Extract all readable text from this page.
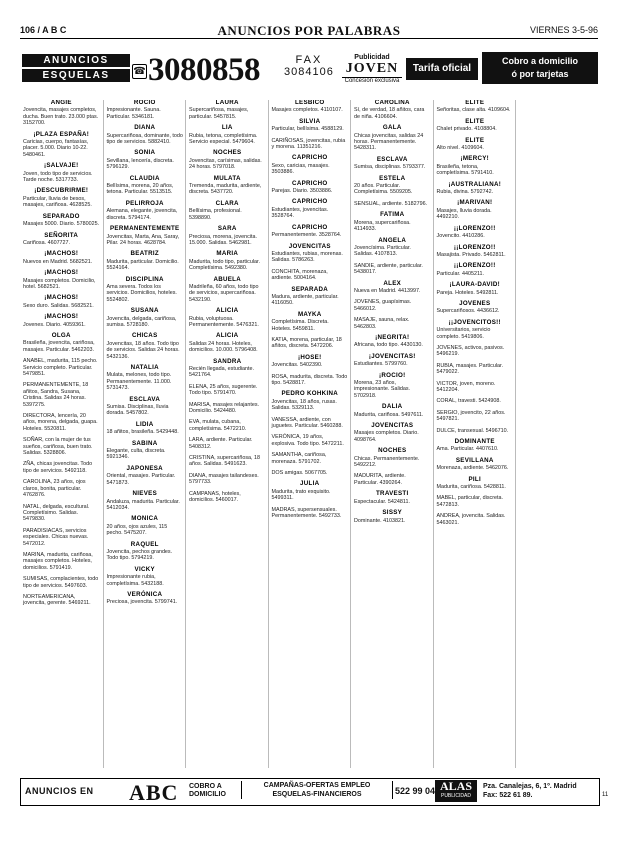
106 / A B C	ANUNCIOS POR PALABRAS	VIERNES 3-5-96
ANUNCIOS
ESQUELAS	☎ 3080858	FAX
3084106
Publicidad
JOVEN
Concesión exclusiva
Tarifa oficial
Cobro a domicilio
ó por tarjetas
ANGIE
Jovencita, masajes completos, ducha. Buen trato. 23.000 ptas. 3152700.
¡PLAZA ESPAÑA!
Caricias, cuerpo, fantasías, placer. 5.000. Diario 10-22. 5480461.
¡SALVAJE!
Joven, todo tipo de servicios. Tarde noche. 5317733.
¡DESCUBRIRME!
Particular, lluvia de besos, masajes, cariñosa. 4628525.
SEPARADO
Masajes 5000. Diario. 5780025.
SEÑORITA
Cariñosa. 4607727.
¡MACHOS!
Nuevos en Madrid. 5682521.
¡MACHOS!
Masajes completos. Domicilio, hotel. 5682521.
¡MACHOS!
Sexo duro. Salidas. 5682521.
¡MACHOS!
Jovenes. Diario. 4059361.
OLGA
Brasileña, jovencita, cariñosa, masajes. Particular. 5462203.
ANABEL, madurita, 115 pecho. Servicio completo. Particular. 5479851.
PERMANENTEMENTE, 18 añitos, Sandra, Susana, Cristina. Salidas 24 horas. 5397275.
DIRECTORA, lencería, 20 años, morena, delgada, guapa. Hoteles. 5520811.
SOÑAR, con la mujer de tus sueños, cariñosa, buen trato. Salidas. 5328806.
ZÑA, chicas jovencitas. Todo tipo de servicios. 5492118.
CAROLINA, 23 años, ojos claros, bonita, particular. 4762876.
NATAL, delgada, escultural. Completísimo. Salidas. 5479830.
PARADISIACAS, servicios especiales. Chicas nuevas. 5472012.
MARINA, madurita, cariñosa, masajes completos. Hoteles, domicilios. 5791419.
SUMISAS, complacientes, todo tipo de servicios. 5497603.
NORTEAMERICANA, jovencita, gerente. 5469211.
ROCIO
Impresionante. Sauna. Particular. 5346181.
DIANA
Supercariñosa, dominante, todo tipo de servicios. 5882410.
SONIA
Sevillana, lencería, discreta. 5796129.
CLAUDIA
Bellísima, morena, 20 años, tetona. Particular. 5513515.
PELIRROJA
Alemana, elegante, jovencita, discreta. 5794174.
PERMANENTEMENTE
Jovencitas, Marta, Ana, Saray, Pilar. 24 horas. 4628784.
BEATRIZ
Madurita, particular. Domicilio. 5524164.
DISCIPLINA
Ama severa. Todos los servicios. Domicilios, hoteles. 5524802.
SUSANA
Jovencita, delgada, cariñosa, sumisa. 5728180.
CHICAS
Jovencitas, 18 años. Todo tipo de servicios. Salidas 24 horas. 5432136.
NATALIA
Mulata, melones, todo tipo. Permanentemente. 11.000. 5731473.
ESCLAVA
Sumisa. Disciplinas, lluvia dorada. 5457802.
LIDIA
18 añitos, brasileña. 5429448.
SABINA
Elegante, culta, discreta. 5921346.
JAPONESA
Oriental, masajes. Particular. 5471873.
NIEVES
Andaluza, madurita. Particular. 5412034.
MONICA
20 años, ojos azules, 115 pecho. 5475207.
RAQUEL
Jovencita, pechos grandes. Todo tipo. 5794219.
VICKY
Impresionante rubia, completísima. 5432188.
VERÓNICA
Preciosa, jovencita. 5799741.
LAURA
Supercariñosa, masajes, particular. 5457815.
LIA
Rubia, tetona, completísima. Servicio especial. 5479604.
NOCHES
Jovencitas, carísimas, salidas. 24 horas. 5797018.
MULATA
Tremenda, madurita, ardiente, discreta. 5437720.
CLARA
Bellísima, profesional. 5398890.
SARA
Preciosa, morena, jovencita. 15.000. Salidas. 5462981.
MARIA
Madurita, todo tipo, particular. Completísima. 5492380.
ABUELA
Madrileña, 60 años, todo tipo de servicios, supercariñosa. 5432190.
ALICIA
Rubia, voluptuosa. Permanentemente. 5476321.
ALICIA
Salidas 24 horas. Hoteles, domicilios. 10.000. 5796408.
SANDRA
Recién llegada, estudiante. 5421764.
ELENA, 25 años, sugerente. Todo tipo. 5791470.
MARISA, masajes relajantes. Domicilio. 5424480.
EVA, mulata, cubana, completísima. 5472210.
LARA, ardiente. Particular. 5408312.
CRISTINA, supercariñosa, 18 años. Salidas. 5491623.
DIANA, masajes tailandeses. 5797733.
CAMPANAS, hoteles, domicilios. 5460017.
LESBICO
Masajes completos. 4110107.
SILVIA
Particular, bellísima. 4588129.
CARIÑOSAS, jovencitas, rubia y morena. 11351216.
CAPRICHO
Sexo, caricias, masajes. 3503886.
CAPRICHO
Parejas. Diario. 3503886.
CAPRICHO
Estudiantes, jovencitas. 3528764.
CAPRICHO
Permanentemente. 3528764.
JOVENCITAS
Estudiantes, rubias, morenas. Salidas. 5786263.
CONCHITA, morenaza, ardiente. 5004164.
SEPARADA
Madura, ardiente, particular. 4116050.
MAYKA
Completísima. Discreta. Hoteles. 5459811.
KATIA, morena, particular, 18 añitos, discreta. 5472206.
¡HOSE!
Jovencitas. 5402390.
ROSA, madurita, discreta. Todo tipo. 5428817.
PEDRO KOHKINA
Jovencitas, 18 años, rusas. Salidas. 5329113.
VANESSA, ardiente, con juguetes. Particular. 5460288.
VERÓNICA, 19 años, explosiva. Todo tipo. 5472211.
SAMANTHA, cariñosa, morenaza. 5791702.
DOS amigas. 5067705.
JULIA
Madurita, trato exquisito. 5499311.
MADRAS, supersensuales. Permanentemente. 5492733.
CAROLINA
Sí, de verdad, 18 añitos, cara de niña. 4106604.
GALA
Chicas jovencitas, salidas 24 horas. Permanentemente. 5428311.
ESCLAVA
Sumisa, disciplinas. 5793377.
ESTELA
20 años. Particular. Completísima. 5509205.
SENSUAL, ardiente. 5182796.
FATIMA
Morena, supercariñosa. 4114933.
ANGELA
Jovencísima. Particular. Salidas. 4107813.
SANDIE, ardiente, particular. 5438017.
ALEX
Nueva en Madrid. 4413997.
JOVENES, guapísimas. 5466012.
MASAJE, sauna, relax. 5462803.
¡NEGRITA!
Africana, todo tipo. 4430130.
¡JOVENCITAS!
Estudiantes. 5799760.
¡ROCIO!
Morena, 23 años, impresionante. Salidas. 5702918.
DALIA
Madurita, cariñosa. 5497611.
JOVENCITAS
Masajes completos. Diario. 4098764.
NOCHES
Chicas. Permanentemente. 5492212.
MADURITA, ardiente. Particular. 4390264.
TRAVESTI
Espectacular. 5424811.
SISSY
Dominante. 4103821.
ELITE
Señoritas, clase alta. 4109604.
ELITE
Chalet privado. 4108804.
ELITE
Alto nivel. 4109604.
¡MERCY!
Brasileña, tetona, completísima. 5791410.
¡AUSTRALIANA!
Rubia, divina. 5792742.
¡MARIVAN!
Masajes, lluvia dorada. 4492210.
¡¡LORENZO!!
Jovencito. 4410286.
¡¡LORENZO!!
Masajista. Privado. 5462811.
¡¡LORENZO!!
Particular. 4405211.
¡LAURA-DAVID!
Pareja. Hoteles. 5492811.
JOVENES
Supercariñosos. 4436612.
¡¡JOVENCITOS!!
Universitarios, servicio completo. 5419806.
JOVENES, activos, pasivos. 5496219.
RUBIA, masajes. Particular. 5479022.
VICTOR, joven, moreno. 5412204.
CORAL, travesti. 5424908.
SERGIO, jovencito, 22 años. 5497821.
DULCE, transexual. 5496710.
DOMINANTE
Ama. Particular. 4407610.
SEVILLANA
Morenaza, ardiente. 5462076.
PILI
Madurita, cariñosa. 5428811.
MABEL, particular, discreta. 5472813.
ANDREA, jovencita. Salidas. 5463021.
ANUNCIOS EN ABC COBRO A
DOMICILIO
CAMPAÑAS-OFERTAS EMPLEO
ESQUELAS-FINANCIEROS	522 99 04 ALAS
PUBLICIDAD
Pza. Canalejas, 6, 1º. Madrid
Fax: 522 61 89.	11
